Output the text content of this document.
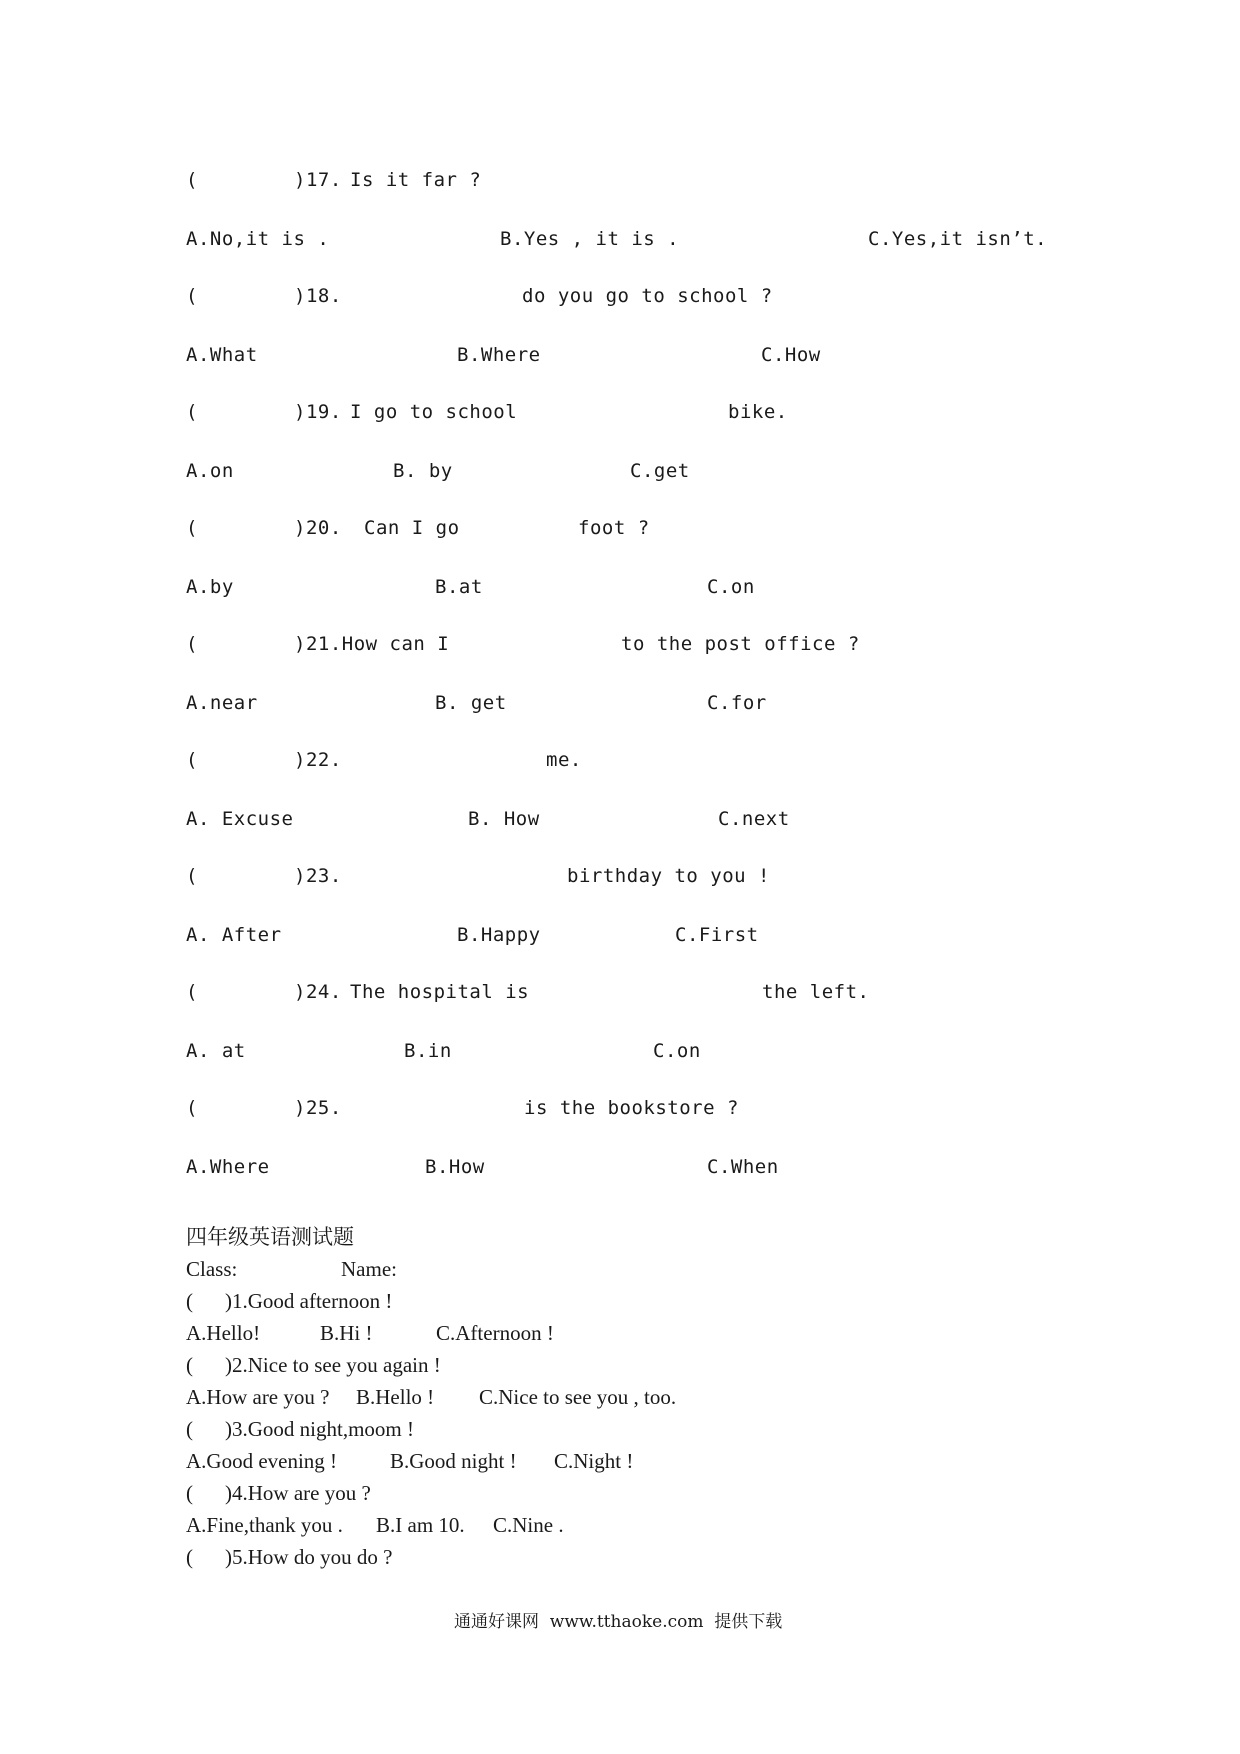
(	)17. Is it far ?
A.No,it is .	B.Yes , it is .	C.Yes,it isn’t.
(	)18.	do you go to school ?
A.What	B.Where	C.How
(	)19. I go to school	bike.
A.on	B. by	C.get
(	)20. Can I go	foot ?
A.by	B.at	C.on
(	)21.How can I	to the post office ?
A.near	B. get	C.for
(	)22.	me.
A. Excuse	B. How	C.next
(	)23.	birthday to you !
A. After	B.Happy	C.First
(	)24. The hospital is	the left.
A. at	B.in	C.on
(	)25.	is the bookstore ?
A.Where	B.How	C.When
四年级英语测试题
Class:	Name:
( )1.Good afternoon !
A.Hello!	B.Hi !	C.Afternoon !
( )2.Nice to see you again !
A.How are you ? B.Hello ! C.Nice to see you , too.
( )3.Good night,moom !
A.Good evening !	B.Good night ! C.Night !
( )4.How are you ?
A.Fine,thank you . B.I am 10. C.Nine .
( )5.How do you do ?
通通好课网  www.tthaoke.com  提供下载
